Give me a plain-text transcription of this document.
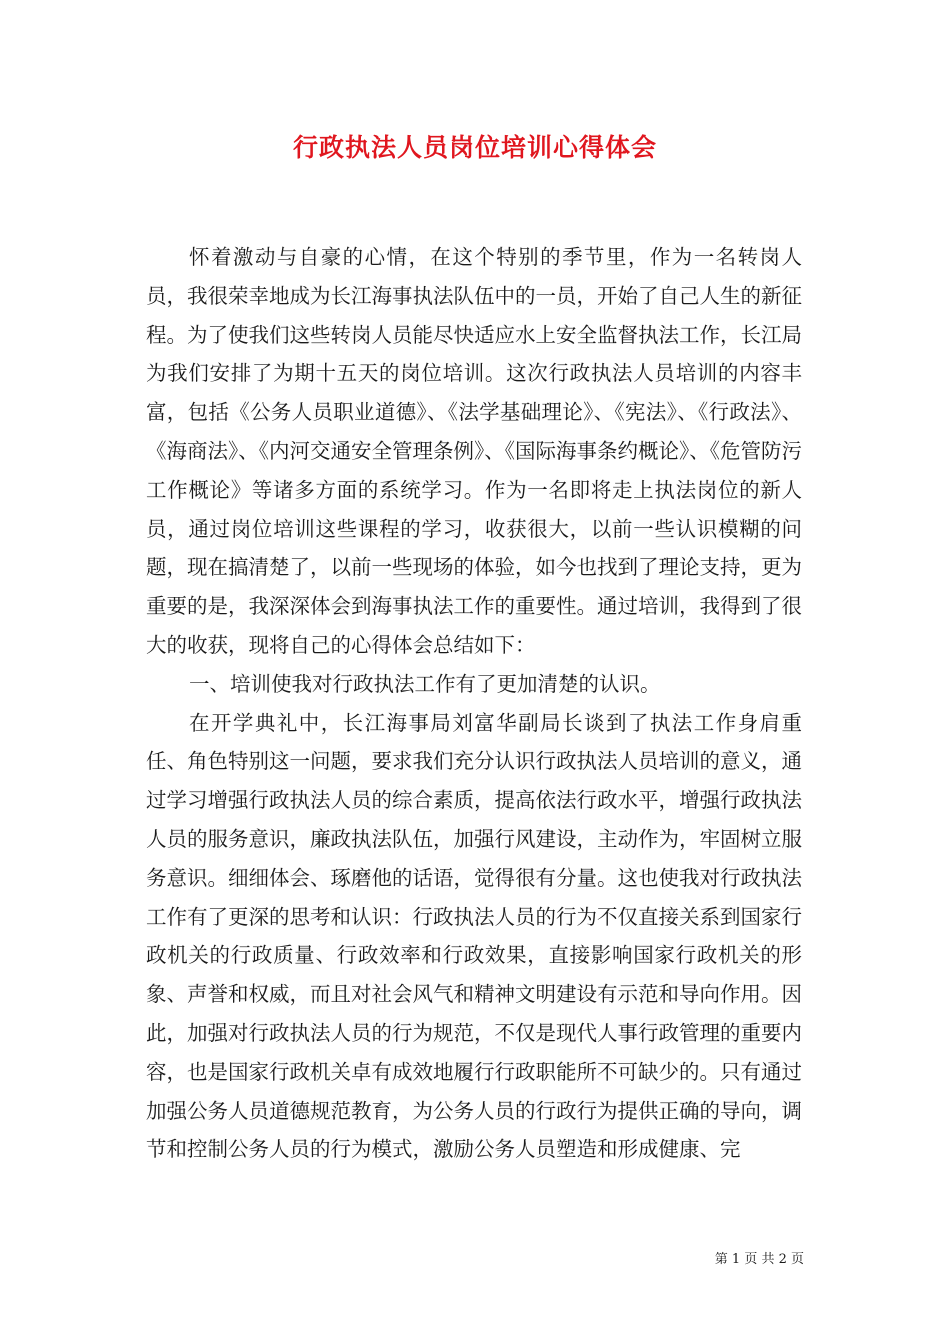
行政执法人员岗位培训心得体会

怀着激动与自豪的心情，在这个特别的季节里，作为一名转岗人员，我很荣幸地成为长江海事执法队伍中的一员，开始了自己人生的新征程。为了使我们这些转岗人员能尽快适应水上安全监督执法工作，长江局为我们安排了为期十五天的岗位培训。这次行政执法人员培训的内容丰富，包括《公务人员职业道德》、《法学基础理论》、《宪法》、《行政法》、《海商法》、《内河交通安全管理条例》、《国际海事条约概论》、《危管防污工作概论》等诸多方面的系统学习。作为一名即将走上执法岗位的新人员，通过岗位培训这些课程的学习，收获很大，以前一些认识模糊的问题，现在搞清楚了，以前一些现场的体验，如今也找到了理论支持，更为重要的是，我深深体会到海事执法工作的重要性。通过培训，我得到了很大的收获，现将自己的心得体会总结如下：

一、培训使我对行政执法工作有了更加清楚的认识。

在开学典礼中，长江海事局刘富华副局长谈到了执法工作身肩重任、角色特别这一问题，要求我们充分认识行政执法人员培训的意义，通过学习增强行政执法人员的综合素质，提高依法行政水平，增强行政执法人员的服务意识，廉政执法队伍，加强行风建设，主动作为，牢固树立服务意识。细细体会、琢磨他的话语，觉得很有分量。这也使我对行政执法工作有了更深的思考和认识：行政执法人员的行为不仅直接关系到国家行政机关的行政质量、行政效率和行政效果，直接影响国家行政机关的形象、声誉和权威，而且对社会风气和精神文明建设有示范和导向作用。因此，加强对行政执法人员的行为规范，不仅是现代人事行政管理的重要内容，也是国家行政机关卓有成效地履行行政职能所不可缺少的。只有通过加强公务人员道德规范教育，为公务人员的行政行为提供正确的导向，调节和控制公务人员的行为模式，激励公务人员塑造和形成健康、完

第 1 页 共 2 页
